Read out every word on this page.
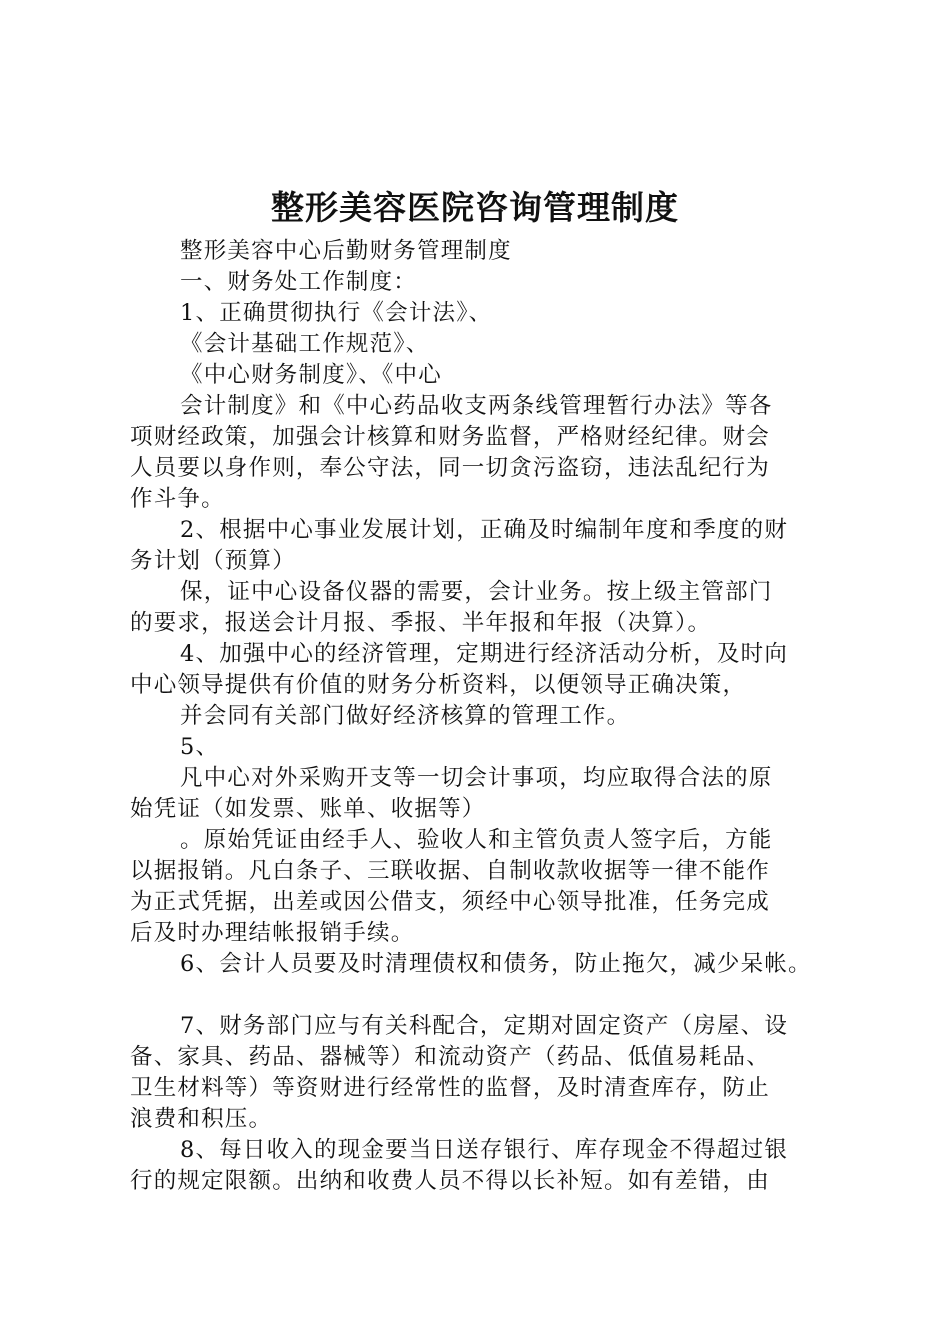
整形美容医院咨询管理制度
整形美容中心后勤财务管理制度
一、财务处工作制度：
1、正确贯彻执行《会计法》、
《会计基础工作规范》、
《中心财务制度》、《中心
会计制度》和《中心药品收支两条线管理暂行办法》等各
项财经政策，加强会计核算和财务监督，严格财经纪律。财会
人员要以身作则，奉公守法，同一切贪污盗窃，违法乱纪行为
作斗争。
2、根据中心事业发展计划，正确及时编制年度和季度的财
务计划（预算）
保，证中心设备仪器的需要，会计业务。按上级主管部门
的要求，报送会计月报、季报、半年报和年报（决算）。
4、加强中心的经济管理，定期进行经济活动分析，及时向
中心领导提供有价值的财务分析资料，以便领导正确决策，
并会同有关部门做好经济核算的管理工作。
5、
凡中心对外采购开支等一切会计事项，均应取得合法的原
始凭证（如发票、账单、收据等）
。原始凭证由经手人、验收人和主管负责人签字后，方能
以据报销。凡白条子、三联收据、自制收款收据等一律不能作
为正式凭据，出差或因公借支，须经中心领导批准，任务完成
后及时办理结帐报销手续。
6、会计人员要及时清理债权和债务，防止拖欠，减少呆帐。
7、财务部门应与有关科配合，定期对固定资产（房屋、设
备、家具、药品、器械等）和流动资产（药品、低值易耗品、
卫生材料等）等资财进行经常性的监督，及时清查库存，防止
浪费和积压。
8、每日收入的现金要当日送存银行、库存现金不得超过银
行的规定限额。出纳和收费人员不得以长补短。如有差错，由
